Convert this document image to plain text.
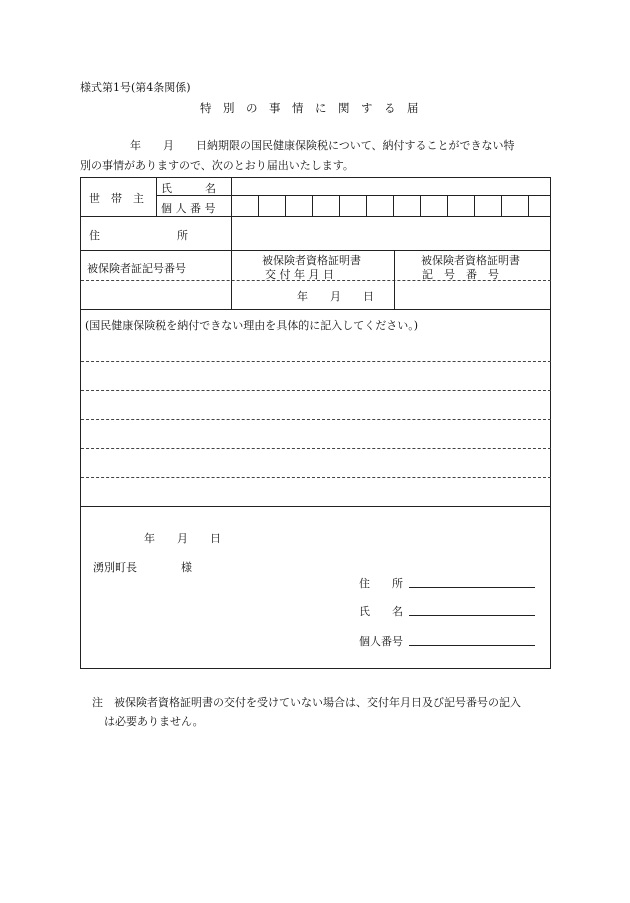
様式第1号(第4条関係)
特　別　の　事　情　に　関　す　る　届
年　　月　　日納期限の国民健康保険税について、納付することができない特
別の事情がありますので、次のとおり届出いたします。
世　帯　主
氏　　　名
個 人 番 号
住　　　　　　　所
被保険者証記号番号
被保険者資格証明書
交 付 年 月 日
被保険者資格証明書
記　号　番　号
年　　月　　日
(国民健康保険税を納付できない理由を具体的に記入してください。)
年　　月　　日
湧別町長　　　　様
住　　所
氏　　名
個人番号
注　被保険者資格証明書の交付を受けていない場合は、交付年月日及び記号番号の記入
は必要ありません。
